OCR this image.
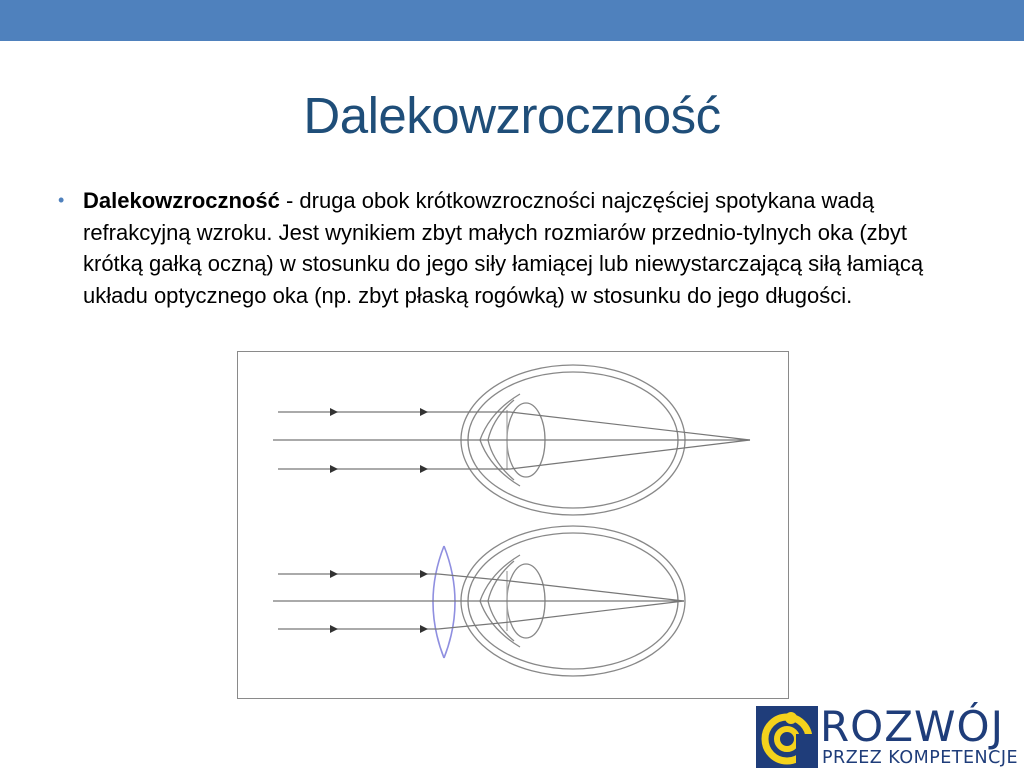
Dalekowzroczność
• Dalekowzroczność - druga obok krótkowzroczności najczęściej spotykana wadą refrakcyjną wzroku. Jest wynikiem zbyt małych rozmiarów przednio-tylnych oka (zbyt krótką gałką oczną) w stosunku do jego siły łamiącej lub niewystarczającą siłą łamiącą układu optycznego oka (np. zbyt płaską rogówką) w stosunku do jego długości.
ROZWÓJ
PRZEZ KOMPETENCJE
